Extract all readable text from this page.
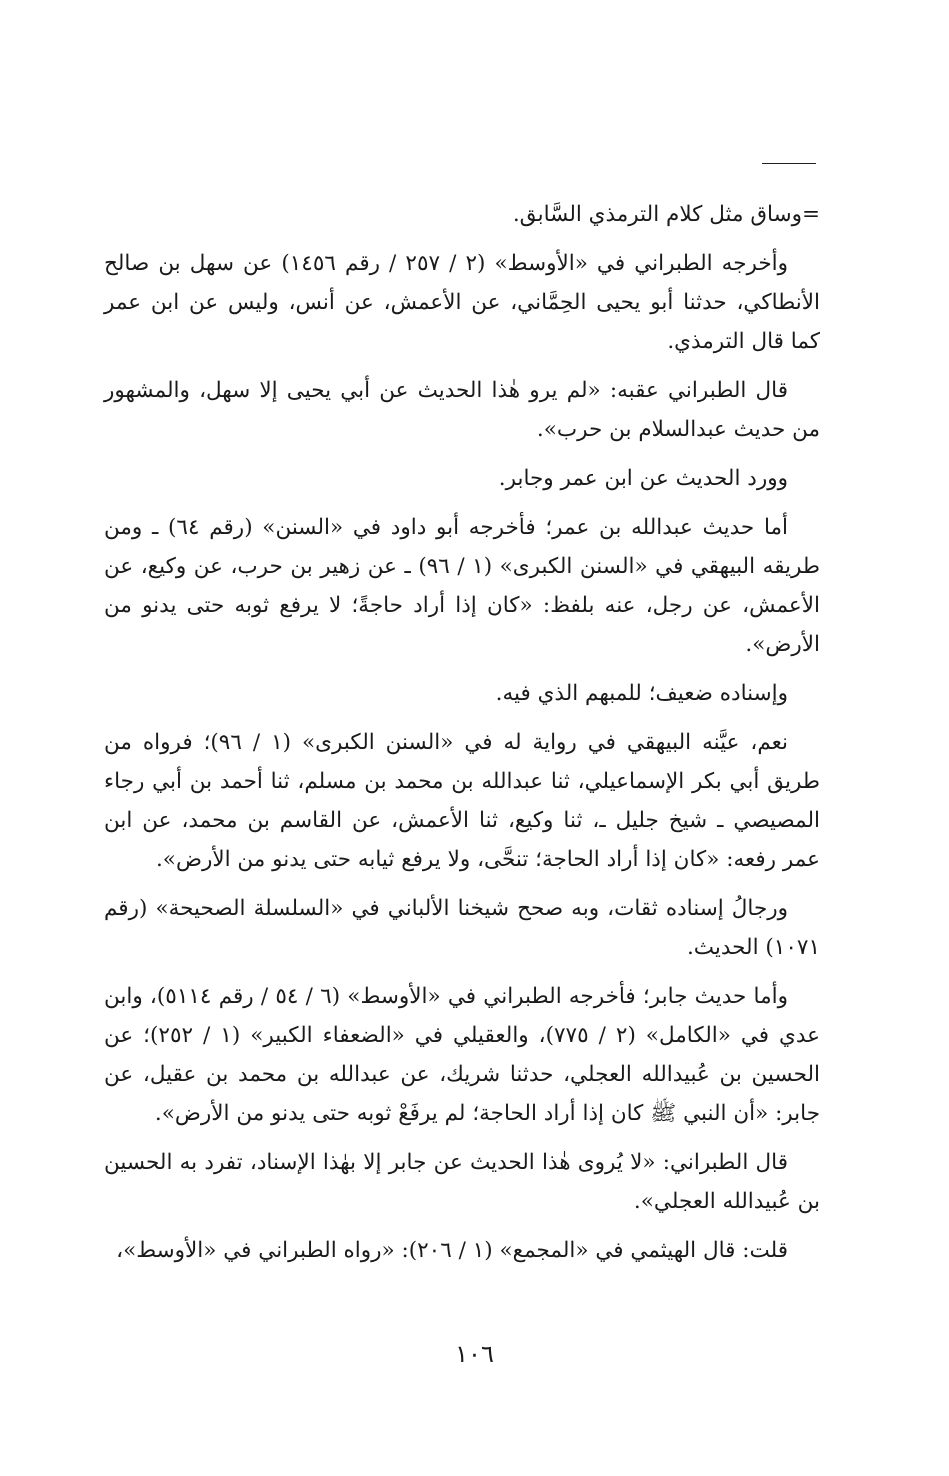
=وساق مثل كلام الترمذي السَّابق.

وأخرجه الطبراني في «الأوسط» (٢ / ٢٥٧ / رقم ١٤٥٦) عن سهل بن صالح الأنطاكي، حدثنا أبو يحيى الحِمَّاني، عن الأعمش، عن أنس، وليس عن ابن عمر كما قال الترمذي.

قال الطبراني عقبه: «لم يرو هٰذا الحديث عن أبي يحيى إلا سهل، والمشهور من حديث عبدالسلام بن حرب».

وورد الحديث عن ابن عمر وجابر.

أما حديث عبدالله بن عمر؛ فأخرجه أبو داود في «السنن» (رقم ٦٤) ـ ومن طريقه البيهقي في «السنن الكبرى» (١ / ٩٦) ـ عن زهير بن حرب، عن وكيع، عن الأعمش، عن رجل، عنه بلفظ: «كان إذا أراد حاجةً؛ لا يرفع ثوبه حتى يدنو من الأرض».

وإسناده ضعيف؛ للمبهم الذي فيه.

نعم، عيَّنه البيهقي في رواية له في «السنن الكبرى» (١ / ٩٦)؛ فرواه من طريق أبي بكر الإسماعيلي، ثنا عبدالله بن محمد بن مسلم، ثنا أحمد بن أبي رجاء المصيصي ـ شيخ جليل ـ، ثنا وكيع، ثنا الأعمش، عن القاسم بن محمد، عن ابن عمر رفعه: «كان إذا أراد الحاجة؛ تنحَّى، ولا يرفع ثيابه حتى يدنو من الأرض».

ورجالُ إسناده ثقات، وبه صحح شيخنا الألباني في «السلسلة الصحيحة» (رقم ١٠٧١) الحديث.

وأما حديث جابر؛ فأخرجه الطبراني في «الأوسط» (٦ / ٥٤ / رقم ٥١١٤)، وابن عدي في «الكامل» (٢ / ٧٧٥)، والعقيلي في «الضعفاء الكبير» (١ / ٢٥٢)؛ عن الحسين بن عُبيدالله العجلي، حدثنا شريك، عن عبدالله بن محمد بن عقيل، عن جابر: «أن النبي ﷺ كان إذا أراد الحاجة؛ لم يرفَعْ ثوبه حتى يدنو من الأرض».

قال الطبراني: «لا يُروى هٰذا الحديث عن جابر إلا بهٰذا الإسناد، تفرد به الحسين بن عُبيدالله العجلي».

قلت: قال الهيثمي في «المجمع» (١ / ٢٠٦): «رواه الطبراني في «الأوسط»،

١٠٦
